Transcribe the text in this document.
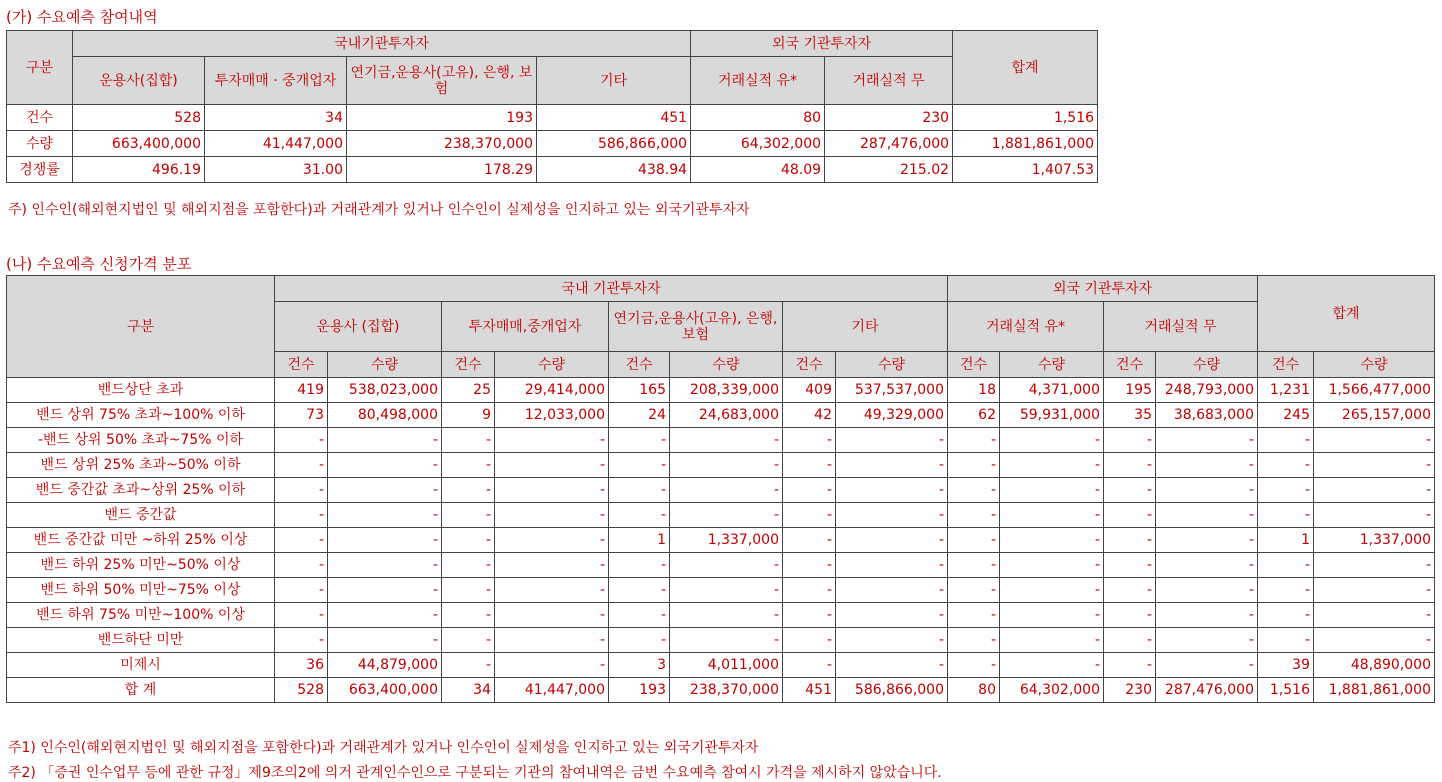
(가) 수요예측 참여내역
구분	국내기관투자자				외국 기관투자자		합계
	운용사(집합)	투자매매 · 중개업자	연기금,운용사(고유), 은행, 보험	기타	거래실적 유*	거래실적 무	
건수	528	34	193	451	80	230	1,516
수량	663,400,000	41,447,000	238,370,000	586,866,000	64,302,000	287,476,000	1,881,861,000
경쟁률	496.19	31.00	178.29	438.94	48.09	215.02	1,407.53
주) 인수인(해외현지법인 및 해외지점을 포함한다)과 거래관계가 있거나 인수인이 실제성을 인지하고 있는 외국기관투자자
(나) 수요예측 신청가격 분포
구분	국내 기관투자자								외국 기관투자자				합계	
	운용사 (집합)		투자매매,중개업자		연기금,운용사(고유), 은행, 보험		기타		거래실적 유*		거래실적 무			
	건수	수량	건수	수량	건수	수량	건수	수량	건수	수량	건수	수량	건수	수량
밴드상단 초과	419	538,023,000	25	29,414,000	165	208,339,000	409	537,537,000	18	4,371,000	195	248,793,000	1,231	1,566,477,000
밴드 상위 75% 초과~100% 이하	73	80,498,000	9	12,033,000	24	24,683,000	42	49,329,000	62	59,931,000	35	38,683,000	245	265,157,000
-밴드 상위 50% 초과~75% 이하	-	-	-	-	-	-	-	-	-	-	-	-	-	-
밴드 상위 25% 초과~50% 이하	-	-	-	-	-	-	-	-	-	-	-	-	-	-
밴드 중간값 초과~상위 25% 이하	-	-	-	-	-	-	-	-	-	-	-	-	-	-
밴드 중간값	-	-	-	-	-	-	-	-	-	-	-	-	-	-
밴드 중간값 미만 ~하위 25% 이상	-	-	-	-	1	1,337,000	-	-	-	-	-	-	1	1,337,000
밴드 하위 25% 미만~50% 이상	-	-	-	-	-	-	-	-	-	-	-	-	-	-
밴드 하위 50% 미만~75% 이상	-	-	-	-	-	-	-	-	-	-	-	-	-	-
밴드 하위 75% 미만~100% 이상	-	-	-	-	-	-	-	-	-	-	-	-	-	-
밴드하단 미만	-	-	-	-	-	-	-	-	-	-	-	-	-	-
미제시	36	44,879,000	-	-	3	4,011,000	-	-	-	-	-	-	39	48,890,000
합 계	528	663,400,000	34	41,447,000	193	238,370,000	451	586,866,000	80	64,302,000	230	287,476,000	1,516	1,881,861,000
주1) 인수인(해외현지법인 및 해외지점을 포함한다)과 거래관계가 있거나 인수인이 실제성을 인지하고 있는 외국기관투자자
주2) 「증권 인수업무 등에 관한 규정」제9조의2에 의거 관계인수인으로 구분되는 기관의 참여내역은 금번 수요예측 참여시 가격을 제시하지 않았습니다.
